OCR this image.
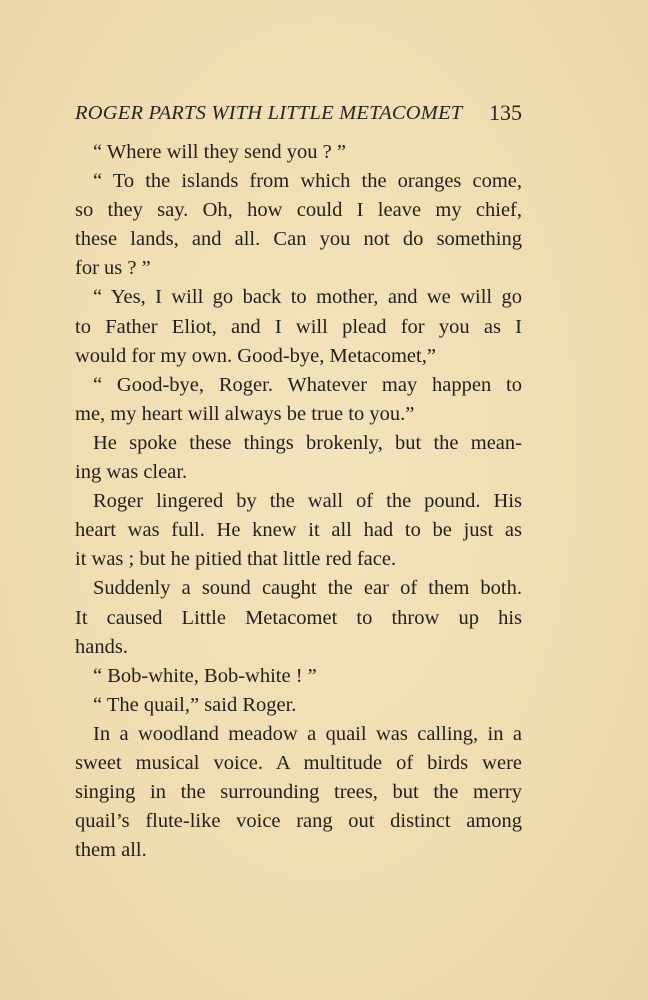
ROGER PARTS WITH LITTLE METACOMET 135
“ Where will they send you ? ”
“ To the islands from which the oranges come,
so they say. Oh, how could I leave my chief,
these lands, and all. Can you not do something
for us ? ”
“ Yes, I will go back to mother, and we will go
to Father Eliot, and I will plead for you as I
would for my own. Good-bye, Metacomet,”
“ Good-bye, Roger. Whatever may happen to
me, my heart will always be true to you.”
He spoke these things brokenly, but the mean-
ing was clear.
Roger lingered by the wall of the pound. His
heart was full. He knew it all had to be just as
it was ; but he pitied that little red face.
Suddenly a sound caught the ear of them both.
It caused Little Metacomet to throw up his
hands.
“ Bob-white, Bob-white ! ”
“ The quail,” said Roger.
In a woodland meadow a quail was calling, in a
sweet musical voice. A multitude of birds were
singing in the surrounding trees, but the merry
quail’s flute-like voice rang out distinct among
them all.
